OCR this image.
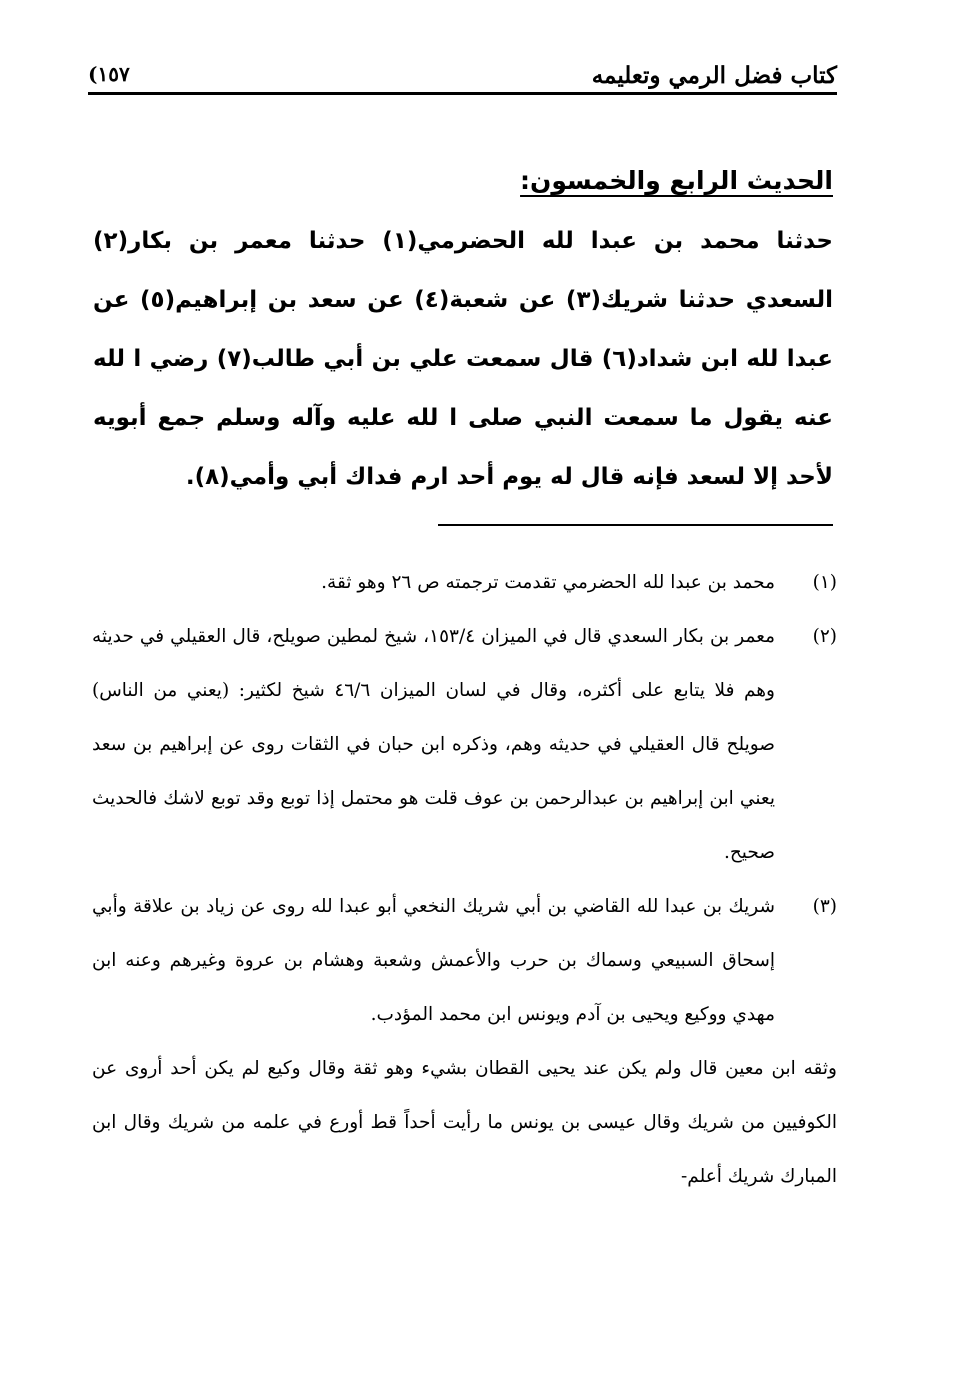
كتاب فضل الرمي وتعليمه
(١٥٧
الحديث الرابع والخمسون:

حدثنا محمد بن عبدا لله الحضرمي(١) حدثنا معمر بن بكار(٢) السعدي حدثنا شريك(٣) عن شعبة(٤) عن سعد بن إبراهيم(٥) عن عبدا لله ابن شداد(٦) قال سمعت علي بن أبي طالب(٧) رضي ا لله عنه يقول ما سمعت النبي صلى ا لله عليه وآله وسلم جمع أبويه لأحد إلا لسعد فإنه قال له يوم أحد ارم فداك أبي وأمي(٨).

(١)
محمد بن عبدا لله الحضرمي تقدمت ترجمته ص ٢٦ وهو ثقة.
(٢)
معمر بن بكار السعدي قال في الميزان ١٥٣/٤، شيخ لمطين صويلح، قال العقيلي في حديثه وهم فلا يتابع على أكثره، وقال في لسان الميزان ٤٦/٦ شيخ لكثير: (يعني من الناس) صويلح قال العقيلي في حديثه وهم، وذكره ابن حبان في الثقات روى عن إبراهيم بن سعد يعني ابن إبراهيم بن عبدالرحمن بن عوف قلت هو محتمل إذا توبع وقد توبع لاشك فالحديث صحيح.
(٣)
شريك بن عبدا لله القاضي بن أبي شريك النخعي أبو عبدا لله روى عن زياد بن علاقة وأبي إسحاق السبيعي وسماك بن حرب والأعمش وشعبة وهشام بن عروة وغيرهم وعنه ابن مهدي ووكيع ويحيى بن آدم ويونس ابن محمد المؤدب.

وثقه ابن معين قال ولم يكن عند يحيى القطان بشيء وهو ثقة وقال وكيع لم يكن أحد أروى عن الكوفيين من شريك وقال عيسى بن يونس ما رأيت أحداً قط أورع في علمه من شريك وقال ابن المبارك شريك أعلم-
